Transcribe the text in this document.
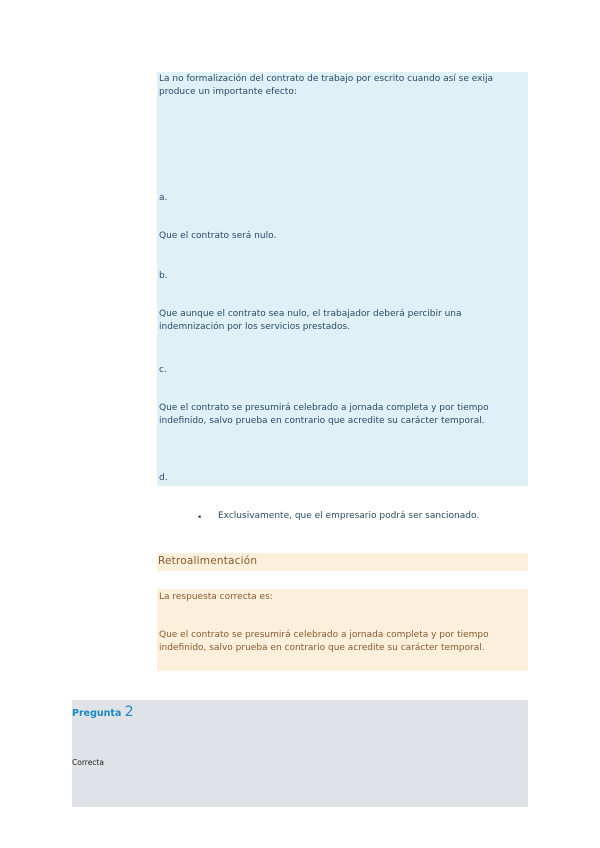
La no formalización del contrato de trabajo por escrito cuando así se exija produce un importante efecto:

a.

Que el contrato será nulo.

b.

Que aunque el contrato sea nulo, el trabajador deberá percibir una indemnización por los servicios prestados.

c.

Que el contrato se presumirá celebrado a jornada completa y por tiempo indefinido, salvo prueba en contrario que acredite su carácter temporal.

d.

• Exclusivamente, que el empresario podrá ser sancionado.
Retroalimentación

La respuesta correcta es:

Que el contrato se presumirá celebrado a jornada completa y por tiempo indefinido, salvo prueba en contrario que acredite su carácter temporal.

Pregunta 2
Correcta
